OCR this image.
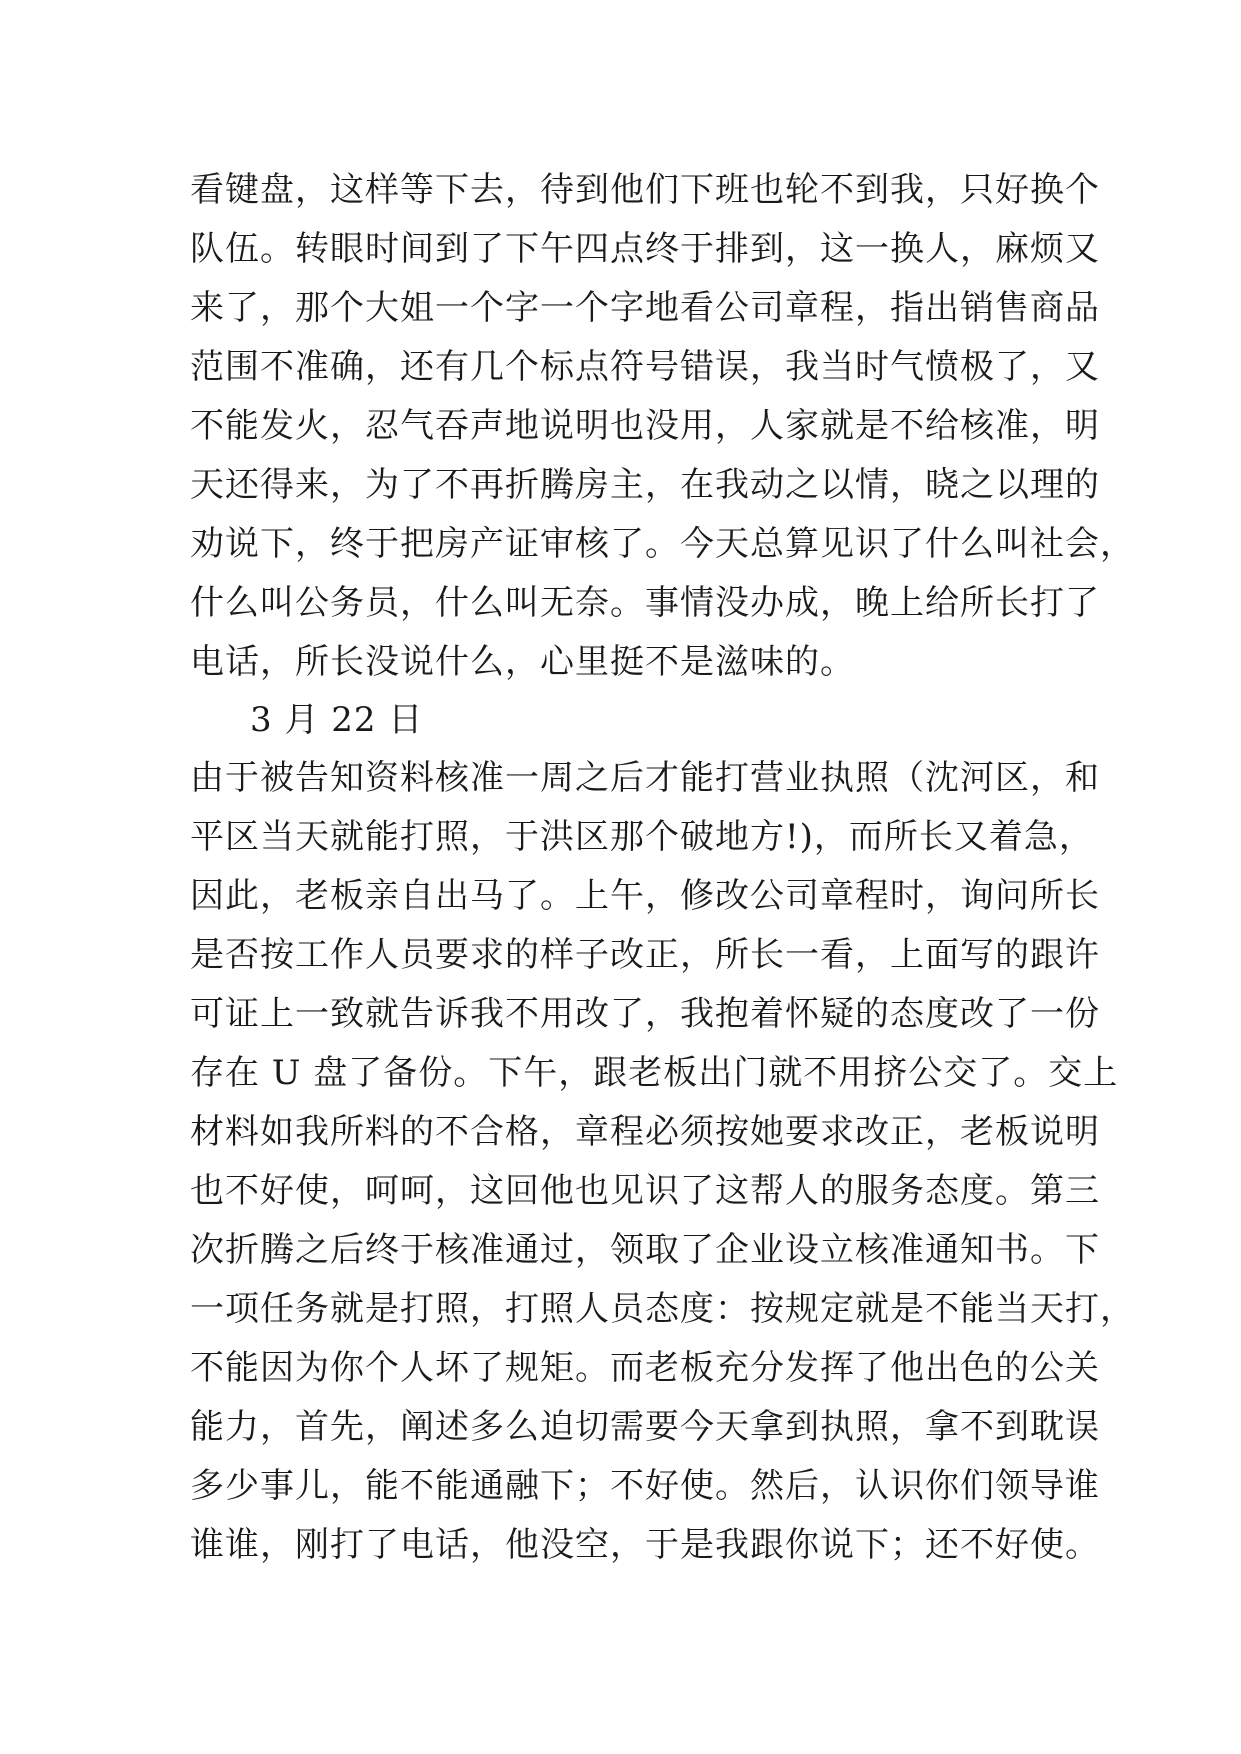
看键盘，这样等下去，待到他们下班也轮不到我，只好换个
队伍。转眼时间到了下午四点终于排到，这一换人，麻烦又
来了，那个大姐一个字一个字地看公司章程，指出销售商品
范围不准确，还有几个标点符号错误，我当时气愤极了，又
不能发火，忍气吞声地说明也没用，人家就是不给核准，明
天还得来，为了不再折腾房主，在我动之以情，晓之以理的
劝说下，终于把房产证审核了。今天总算见识了什么叫社会，
什么叫公务员，什么叫无奈。事情没办成，晚上给所长打了
电话，所长没说什么，心里挺不是滋味的。
3 月 22 日
由于被告知资料核准一周之后才能打营业执照（沈河区，和
平区当天就能打照，于洪区那个破地方!)，而所长又着急，
因此，老板亲自出马了。上午，修改公司章程时，询问所长
是否按工作人员要求的样子改正，所长一看，上面写的跟许
可证上一致就告诉我不用改了，我抱着怀疑的态度改了一份
存在 U 盘了备份。下午，跟老板出门就不用挤公交了。交上
材料如我所料的不合格，章程必须按她要求改正，老板说明
也不好使，呵呵，这回他也见识了这帮人的服务态度。第三
次折腾之后终于核准通过，领取了企业设立核准通知书。下
一项任务就是打照，打照人员态度：按规定就是不能当天打，
不能因为你个人坏了规矩。而老板充分发挥了他出色的公关
能力，首先，阐述多么迫切需要今天拿到执照，拿不到耽误
多少事儿，能不能通融下；不好使。然后，认识你们领导谁
谁谁，刚打了电话，他没空，于是我跟你说下；还不好使。
